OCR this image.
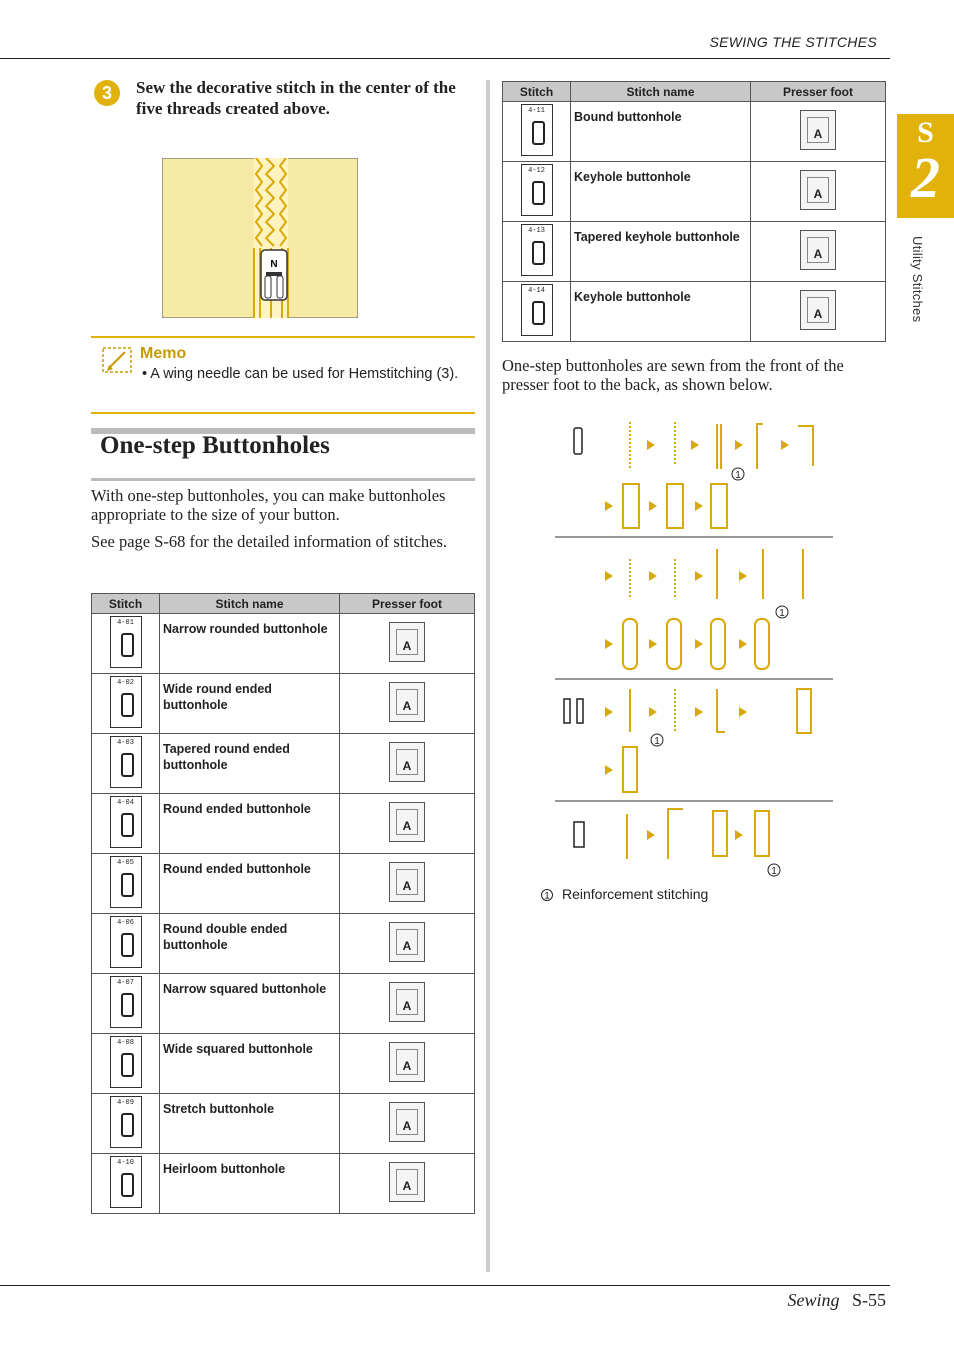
SEWING THE STITCHES
S
2
Utility Stitches
3	Sew the decorative stitch in the center of the five threads created above.
N
Memo
• A wing needle can be used for Hemstitching (3).
One-step Buttonholes
With one-step buttonholes, you can make buttonholes appropriate to the size of your button.
See page S-68 for the detailed information of stitches.
Stitch	Stitch name	Presser foot

4-01	Narrow rounded buttonhole	A

4-02	Wide round ended buttonhole	A

4-03	Tapered round ended buttonhole	A

4-04	Round ended buttonhole	A

4-05	Round ended buttonhole	A

4-06	Round double ended buttonhole	A

4-07	Narrow squared buttonhole	A

4-08	Wide squared buttonhole	A

4-09	Stretch buttonhole	A

4-10	Heirloom buttonhole	A
Stitch	Stitch name	Presser foot

4-11	Bound buttonhole	A

4-12	Keyhole buttonhole	A

4-13	Tapered keyhole buttonhole	A

4-14	Keyhole buttonhole	A
One-step buttonholes are sewn from the front of the presser foot to the back, as shown below.
1
1
1
1
1 Reinforcement stitching
Sewing S-55
